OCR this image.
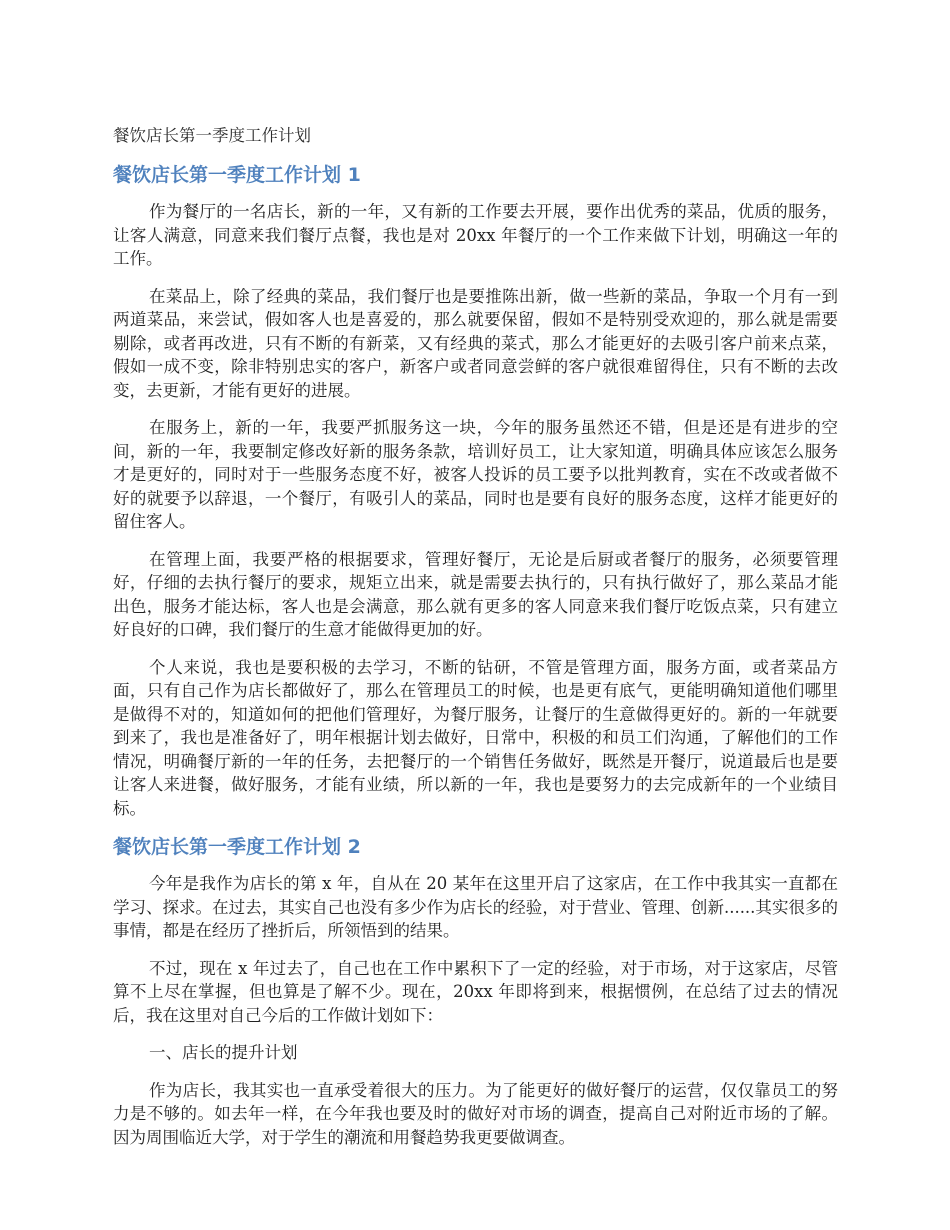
餐饮店长第一季度工作计划

餐饮店长第一季度工作计划 1

作为餐厅的一名店长，新的一年，又有新的工作要去开展，要作出优秀的菜品，优质的服务，让客人满意，同意来我们餐厅点餐，我也是对 20xx 年餐厅的一个工作来做下计划，明确这一年的工作。

在菜品上，除了经典的菜品，我们餐厅也是要推陈出新，做一些新的菜品，争取一个月有一到两道菜品，来尝试，假如客人也是喜爱的，那么就要保留，假如不是特别受欢迎的，那么就是需要剔除，或者再改进，只有不断的有新菜，又有经典的菜式，那么才能更好的去吸引客户前来点菜，假如一成不变，除非特别忠实的客户，新客户或者同意尝鲜的客户就很难留得住，只有不断的去改变，去更新，才能有更好的进展。

在服务上，新的一年，我要严抓服务这一块，今年的服务虽然还不错，但是还是有进步的空间，新的一年，我要制定修改好新的服务条款，培训好员工，让大家知道，明确具体应该怎么服务才是更好的，同时对于一些服务态度不好，被客人投诉的员工要予以批判教育，实在不改或者做不好的就要予以辞退，一个餐厅，有吸引人的菜品，同时也是要有良好的服务态度，这样才能更好的留住客人。

在管理上面，我要严格的根据要求，管理好餐厅，无论是后厨或者餐厅的服务，必须要管理好，仔细的去执行餐厅的要求，规矩立出来，就是需要去执行的，只有执行做好了，那么菜品才能出色，服务才能达标，客人也是会满意，那么就有更多的客人同意来我们餐厅吃饭点菜，只有建立好良好的口碑，我们餐厅的生意才能做得更加的好。

个人来说，我也是要积极的去学习，不断的钻研，不管是管理方面，服务方面，或者菜品方面，只有自己作为店长都做好了，那么在管理员工的时候，也是更有底气，更能明确知道他们哪里是做得不对的，知道如何的把他们管理好，为餐厅服务，让餐厅的生意做得更好的。新的一年就要到来了，我也是准备好了，明年根据计划去做好，日常中，积极的和员工们沟通，了解他们的工作情况，明确餐厅新的一年的任务，去把餐厅的一个销售任务做好，既然是开餐厅，说道最后也是要让客人来进餐，做好服务，才能有业绩，所以新的一年，我也是要努力的去完成新年的一个业绩目标。

餐饮店长第一季度工作计划 2

今年是我作为店长的第 x 年，自从在 20 某年在这里开启了这家店，在工作中我其实一直都在学习、探求。在过去，其实自己也没有多少作为店长的经验，对于营业、管理、创新......其实很多的事情，都是在经历了挫折后，所领悟到的结果。

不过，现在 x 年过去了，自己也在工作中累积下了一定的经验，对于市场，对于这家店，尽管算不上尽在掌握，但也算是了解不少。现在，20xx 年即将到来，根据惯例，在总结了过去的情况后，我在这里对自己今后的工作做计划如下：

一、店长的提升计划

作为店长，我其实也一直承受着很大的压力。为了能更好的做好餐厅的运营，仅仅靠员工的努力是不够的。如去年一样，在今年我也要及时的做好对市场的调查，提高自己对附近市场的了解。因为周围临近大学，对于学生的潮流和用餐趋势我更要做调查。
